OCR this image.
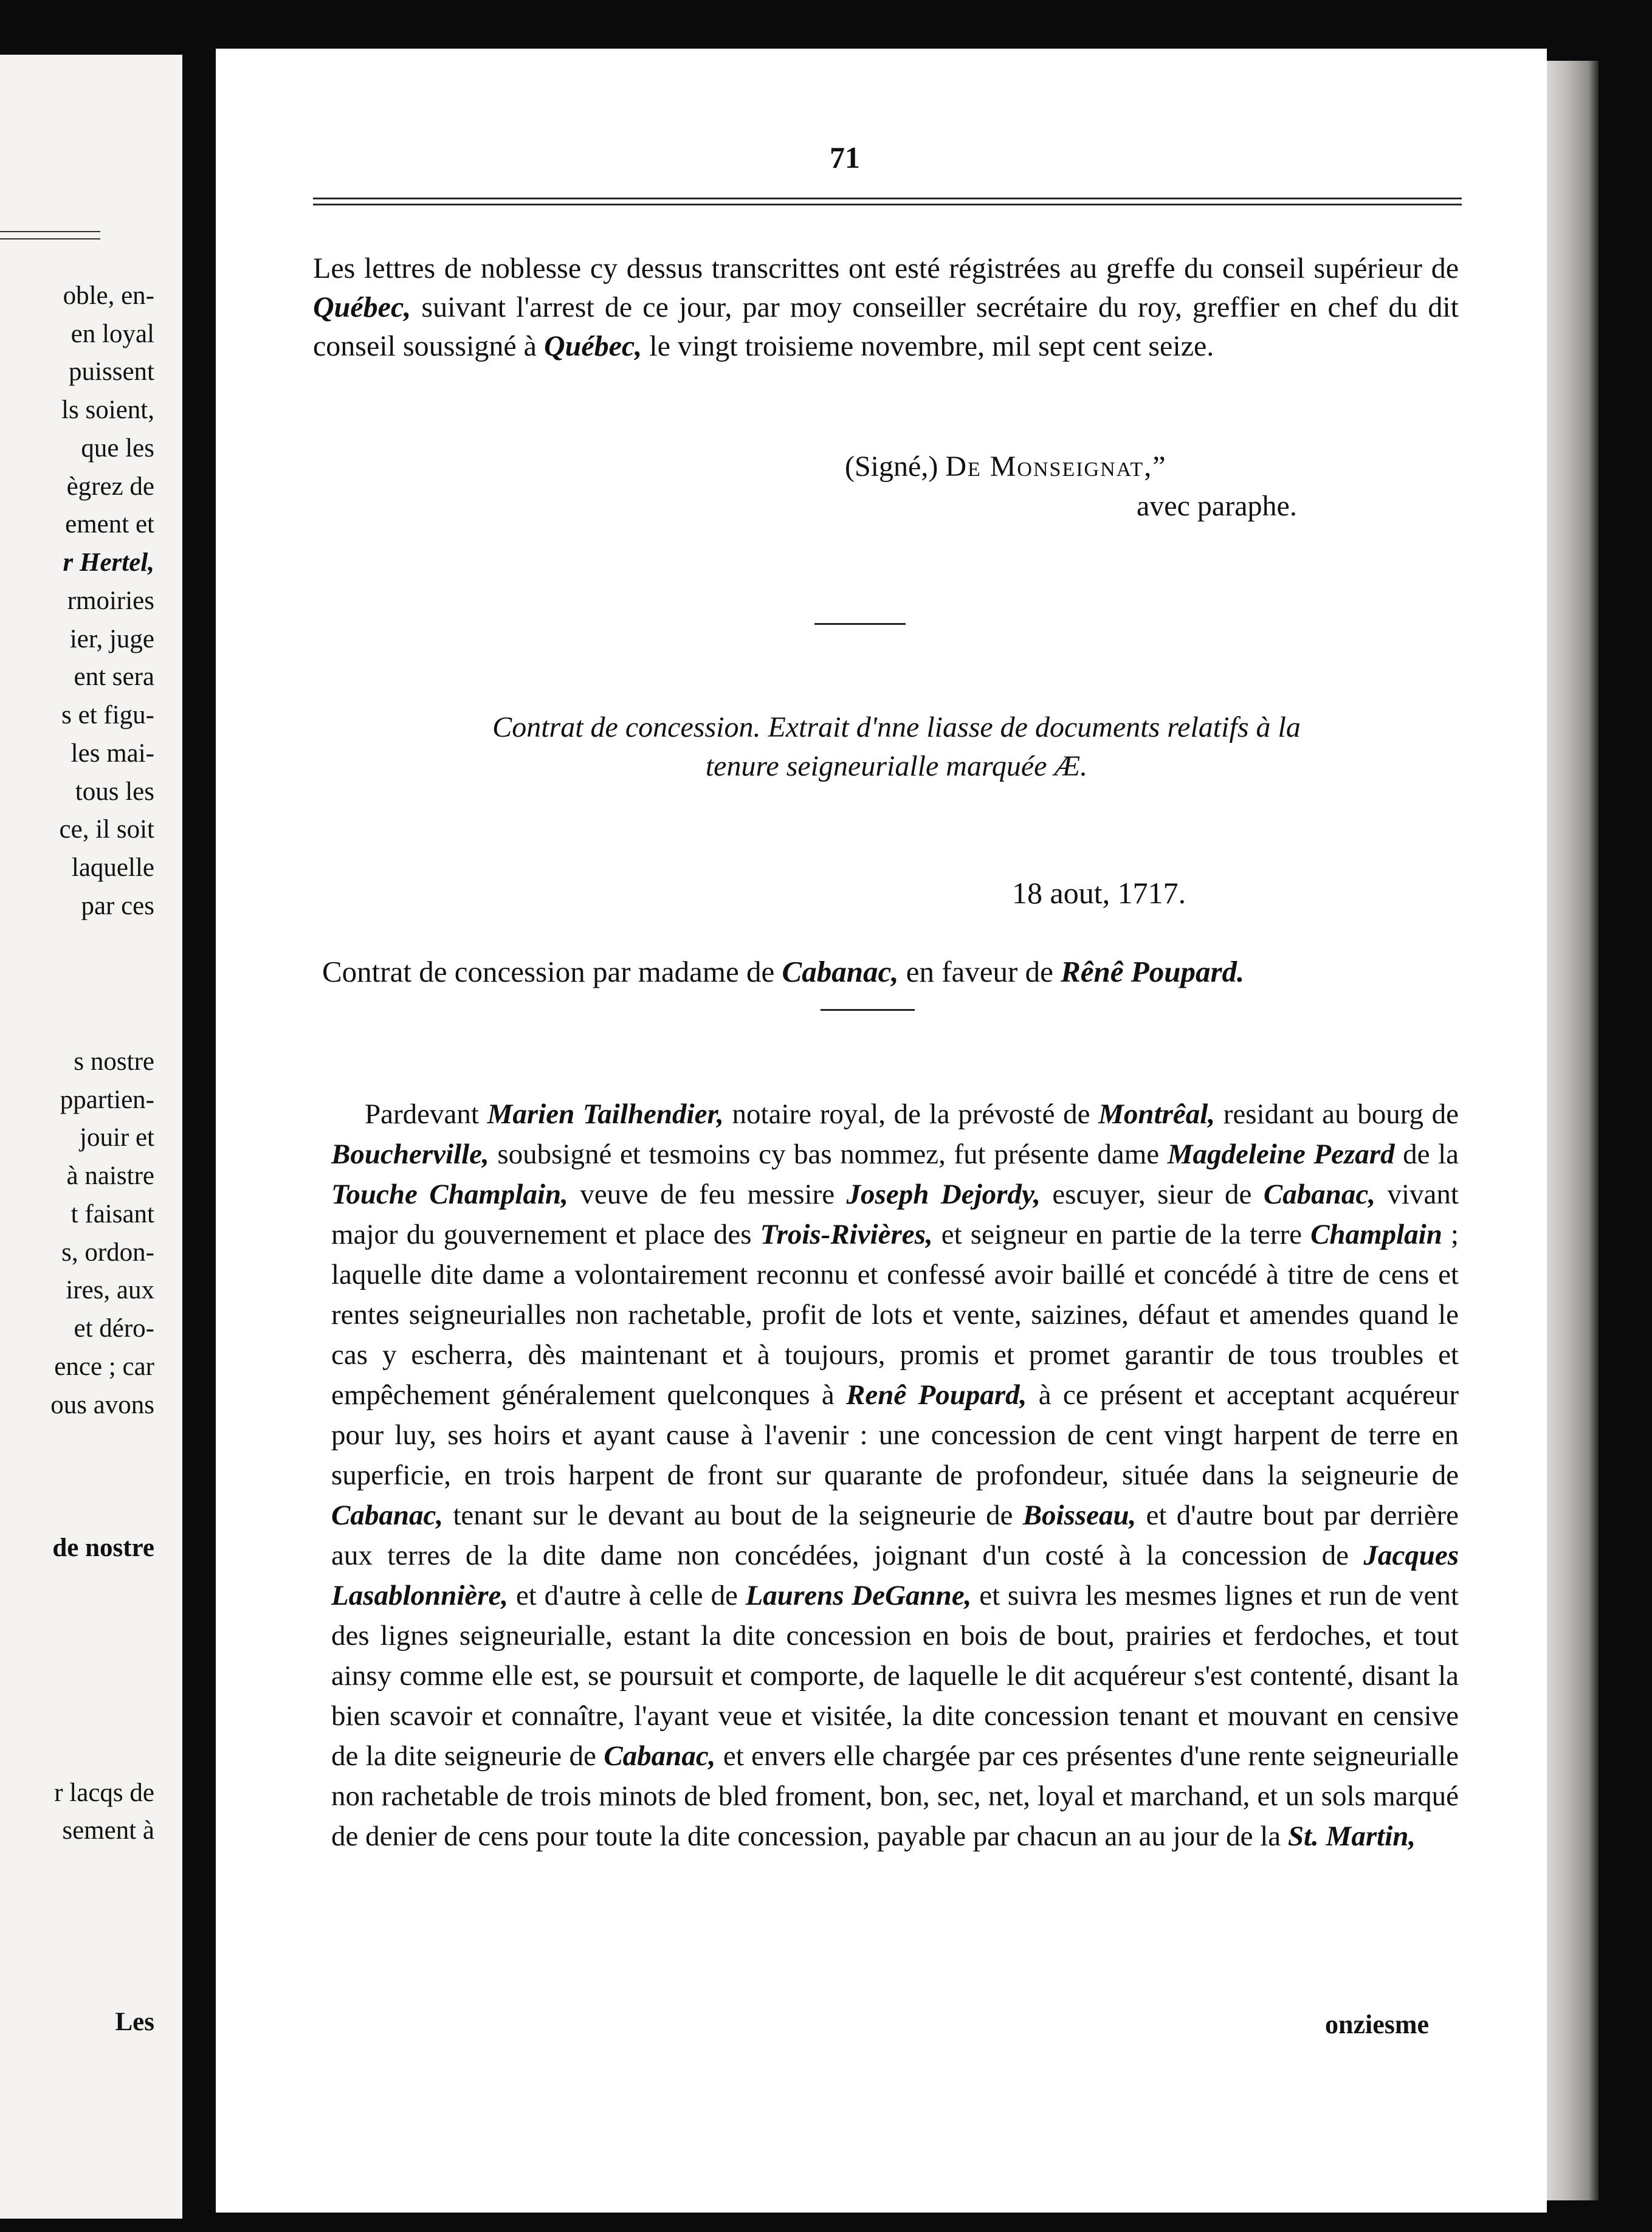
oble, en-
en loyal
puissent
ls soient,
que les
ègrez de
ement et
r Hertel,
rmoiries
ier, juge
ent sera
s et figu-
les mai-
tous les
ce, il soit
laquelle
par ces
s nostre
ppartien-
jouir et
à naistre
t faisant
s, ordon-
ires, aux
et déro-
ence ; car
ous avons
de nostre
r lacqs de
sement à
Les
71
Les lettres de noblesse cy dessus transcrittes ont esté régistrées au greffe du conseil supérieur de Québec, suivant l'arrest de ce jour, par moy conseiller secrétaire du roy, greffier en chef du dit conseil soussigné à Québec, le vingt troisieme novembre, mil sept cent seize.
(Signé,) De Monseignat,”
avec paraphe.
Contrat de concession. Extrait d'nne liasse de documents relatifs à la
tenure seigneurialle marquée Æ.
18 aout, 1717.
Contrat de concession par madame de Cabanac, en faveur de Rênê Poupard.
Pardevant Marien Tailhendier, notaire royal, de la prévosté de Montrêal, residant au bourg de Boucherville, soubsigné et tesmoins cy bas nommez, fut présente dame Magdeleine Pezard de la Touche Champlain, veuve de feu messire Joseph Dejordy, escuyer, sieur de Cabanac, vivant major du gouvernement et place des Trois-Rivières, et seigneur en partie de la terre Champlain ; laquelle dite dame a volontairement reconnu et confessé avoir baillé et concédé à titre de cens et rentes seigneurialles non rachetable, profit de lots et vente, saizines, défaut et amendes quand le cas y escherra, dès maintenant et à toujours, promis et promet garantir de tous troubles et empêchement généralement quelconques à Renê Poupard, à ce présent et acceptant acquéreur pour luy, ses hoirs et ayant cause à l'avenir : une concession de cent vingt harpent de terre en superficie, en trois harpent de front sur quarante de profondeur, située dans la seigneurie de Cabanac, tenant sur le devant au bout de la seigneurie de Boisseau, et d'autre bout par derrière aux terres de la dite dame non concédées, joignant d'un costé à la concession de Jacques Lasablonnière, et d'autre à celle de Laurens DeGanne, et suivra les mesmes lignes et run de vent des lignes seigneurialle, estant la dite concession en bois de bout, prairies et ferdoches, et tout ainsy comme elle est, se poursuit et comporte, de laquelle le dit acquéreur s'est contenté, disant la bien scavoir et connaître, l'ayant veue et visitée, la dite concession tenant et mouvant en censive de la dite seigneurie de Cabanac, et envers elle chargée par ces présentes d'une rente seigneurialle non rachetable de trois minots de bled froment, bon, sec, net, loyal et marchand, et un sols marqué de denier de cens pour toute la dite concession, payable par chacun an au jour de la St. Martin,
onziesme
